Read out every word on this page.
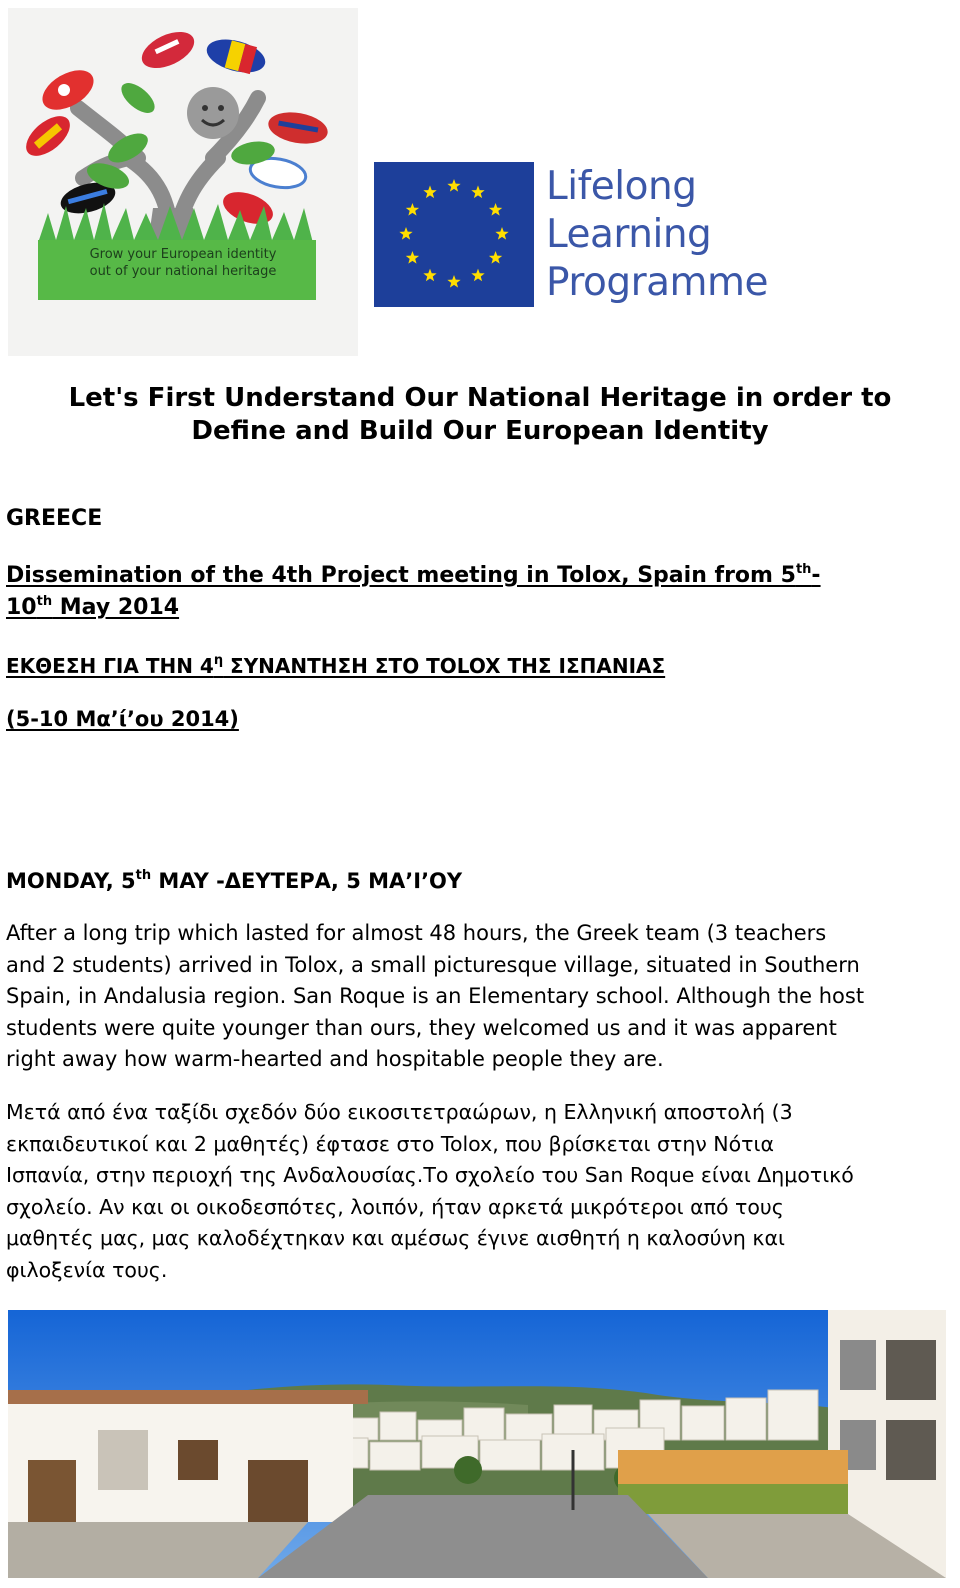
Grow your European identity
out of your national heritage
Lifelong
Learning
Programme
Let's First Understand Our National Heritage in order to
Define and Build Our European Identity
GREECE
Dissemination of the 4th Project meeting in Tolox, Spain from 5th-
10th May 2014
ΕΚΘΕΣΗ ΓΙΑ ΤΗΝ $4^\eta$ ΣΥΝΑΝΤΗΣΗ ΣΤΟ TOLOX ΤΗΣ ΙΣΠΑΝΙΑΣ
(5-10 Μα’ί’ου 2014)
MONDAY, 5th MAY -ΔΕΥΤΕΡΑ, 5 ΜΑ’Ι’ΟΥ

After a long trip which lasted for almost 48 hours, the Greek team (3 teachers
and 2 students) arrived in Tolox, a small picturesque village, situated in Southern
Spain, in Andalusia region. San Roque is an Elementary school. Although the host
students were quite younger than ours, they welcomed us and it was apparent
right away how warm-hearted and hospitable people they are.

Μετά από ένα ταξίδι σχεδόν δύο εικοσιτετραώρων, η Ελληνική αποστολή (3
εκπαιδευτικοί και 2 μαθητές) έφτασε στο Tolox, που βρίσκεται στην Νότια
Ισπανία, στην περιοχή της Ανδαλουσίας.Το σχολείο του San Roque είναι Δημοτικό
σχολείο. Αν και οι οικοδεσπότες, λοιπόν, ήταν αρκετά μικρότεροι από τους
μαθητές μας, μας καλοδέχτηκαν και αμέσως έγινε αισθητή η καλοσύνη και
φιλοξενία τους.
